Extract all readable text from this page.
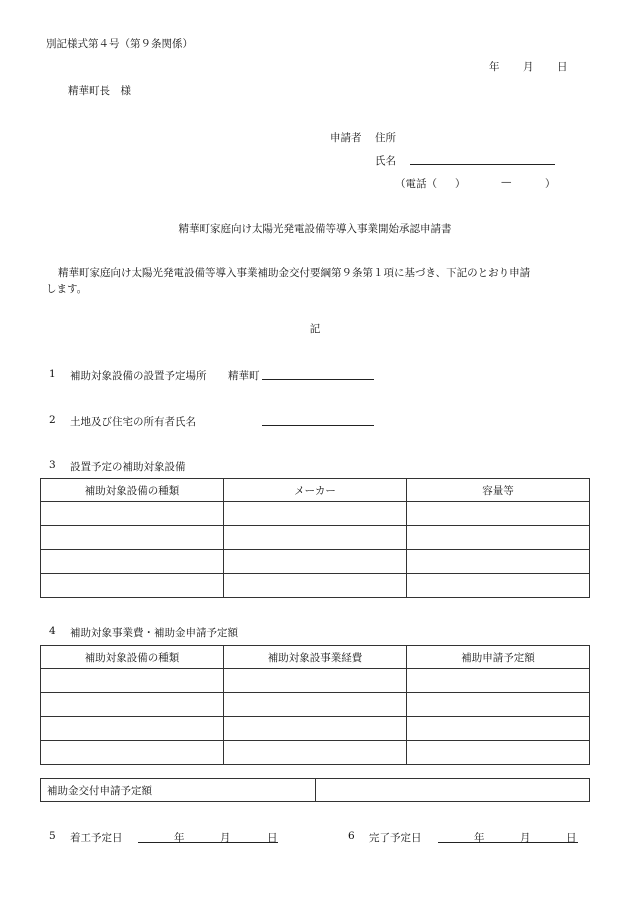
別記様式第４号（第９条関係）
年 月 日
精華町長　様
申請者 住所
氏名
（電話（ ）	—	）
精華町家庭向け太陽光発電設備等導入事業開始承認申請書
精華町家庭向け太陽光発電設備等導入事業補助金交付要綱第９条第１項に基づき、下記のとおり申請
します。
記
1 補助対象設備の設置予定場所 精華町
2 土地及び住宅の所有者氏名
3 設置予定の補助対象設備
補助対象設備の種類	メーカー	容量等

4 補助対象事業費・補助金申請予定額
補助対象設備の種類	補助対象設事業経費	補助申請予定額

補助金交付申請予定額	
5 着工予定日	年	月	日	6 完了予定日	年	月	日
